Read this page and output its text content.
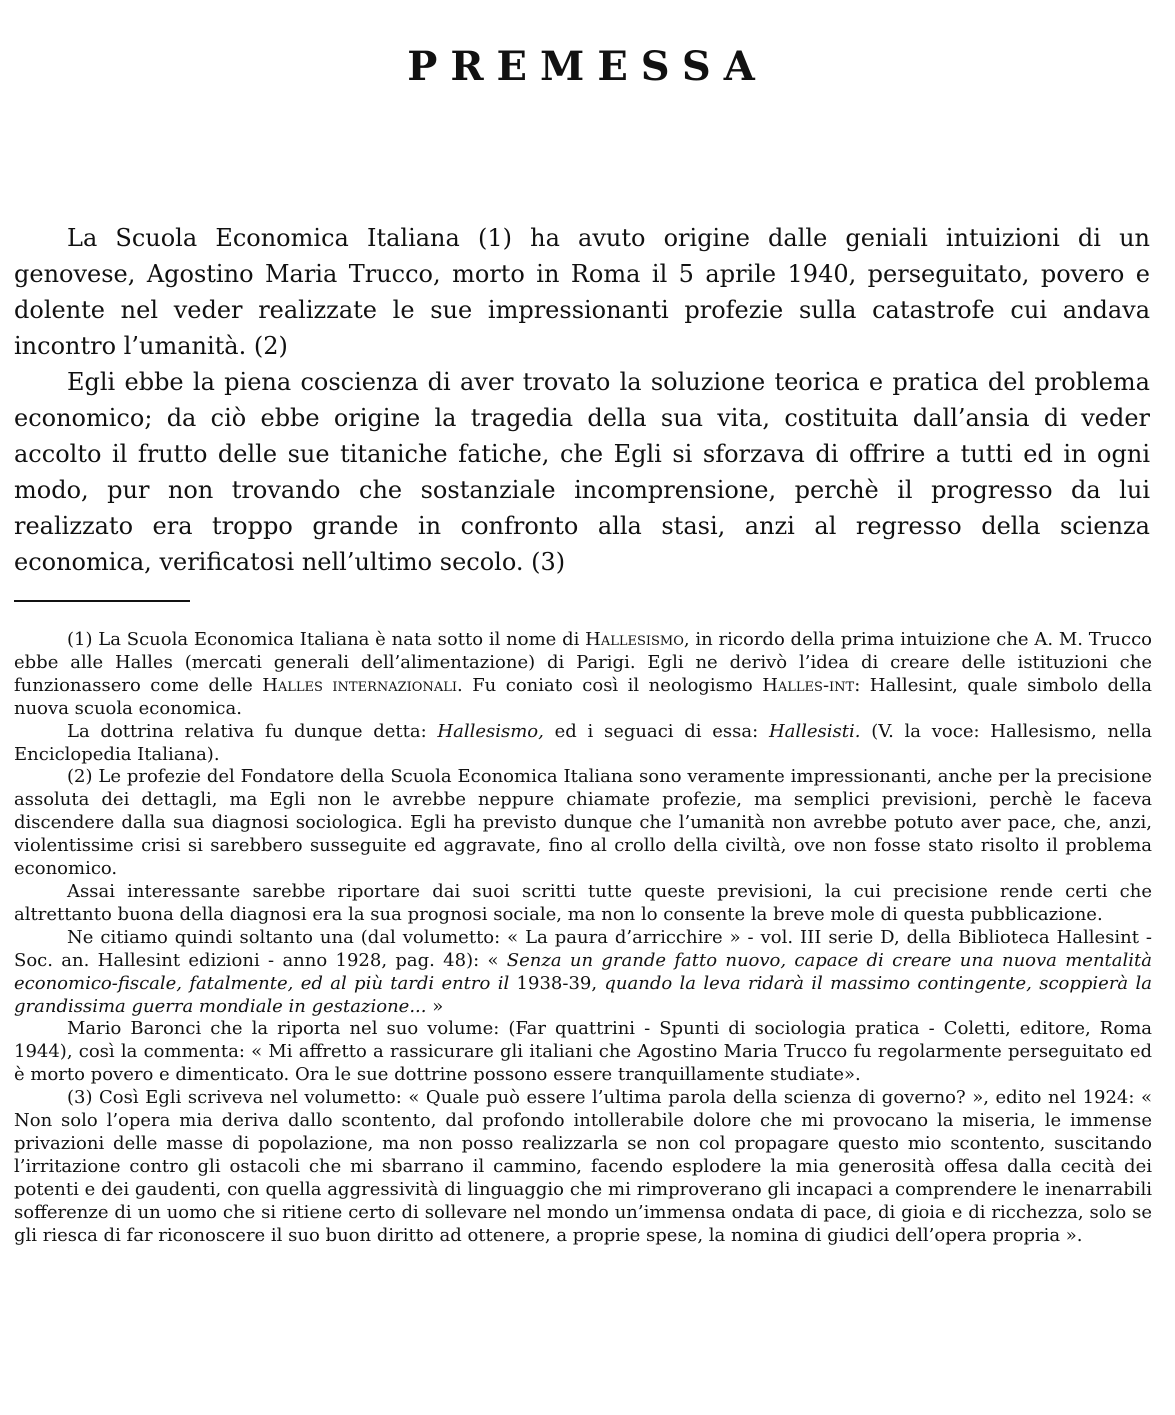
PREMESSA

La Scuola Economica Italiana (1) ha avuto origine dalle geniali intuizioni di un genovese, Agostino Maria Trucco, morto in Roma il 5 aprile 1940, perseguitato, povero e dolente nel veder realizzate le sue impressionanti profezie sulla catastrofe cui andava incontro l’umanità. (2)

Egli ebbe la piena coscienza di aver trovato la soluzione teorica e pratica del problema economico; da ciò ebbe origine la tragedia della sua vita, costituita dall’ansia di veder accolto il frutto delle sue titaniche fatiche, che Egli si sforzava di offrire a tutti ed in ogni modo, pur non trovando che sostanziale incomprensione, perchè il progresso da lui realizzato era troppo grande in confronto alla stasi, anzi al regresso della scienza economica, verificatosi nell’ultimo secolo. (3)

(1) La Scuola Economica Italiana è nata sotto il nome di Hallesismo, in ricordo della prima intuizione che A. M. Trucco ebbe alle Halles (mercati generali dell’alimentazione) di Parigi. Egli ne derivò l’idea di creare delle istituzioni che funzionassero come delle Halles internazionali. Fu coniato così il neologismo Halles-int: Hallesint, quale simbolo della nuova scuola economica.

La dottrina relativa fu dunque detta: Hallesismo, ed i seguaci di essa: Hallesisti. (V. la voce: Hallesismo, nella Enciclopedia Italiana).

(2) Le profezie del Fondatore della Scuola Economica Italiana sono veramente impressionanti, anche per la precisione assoluta dei dettagli, ma Egli non le avrebbe neppure chiamate profezie, ma semplici previsioni, perchè le faceva discendere dalla sua diagnosi sociologica. Egli ha previsto dunque che l’umanità non avrebbe potuto aver pace, che, anzi, violentissime crisi si sarebbero susseguite ed aggravate, fino al crollo della civiltà, ove non fosse stato risolto il problema economico.

Assai interessante sarebbe riportare dai suoi scritti tutte queste previsioni, la cui precisione rende certi che altrettanto buona della diagnosi era la sua prognosi sociale, ma non lo consente la breve mole di questa pubblicazione.

Ne citiamo quindi soltanto una (dal volumetto: « La paura d’arricchire » - vol. III serie D, della Biblioteca Hallesint - Soc. an. Hallesint edizioni - anno 1928, pag. 48): « Senza un grande fatto nuovo, capace di creare una nuova mentalità economico-fiscale, fatalmente, ed al più tardi entro il 1938-39, quando la leva ridarà il massimo contingente, scoppierà la grandissima guerra mondiale in gestazione... »

Mario Baronci che la riporta nel suo volume: (Far quattrini - Spunti di sociologia pratica - Coletti, editore, Roma 1944), così la commenta: « Mi affretto a rassicurare gli italiani che Agostino Maria Trucco fu regolarmente perseguitato ed è morto povero e dimenticato. Ora le sue dottrine possono essere tranquillamente studiate».

(3) Così Egli scriveva nel volumetto: « Quale può essere l’ultima parola della scienza di governo? », edito nel 1924: « Non solo l’opera mia deriva dallo scontento, dal profondo intollerabile dolore che mi provocano la miseria, le immense privazioni delle masse di popolazione, ma non posso realizzarla se non col propagare questo mio scontento, suscitando l’irritazione contro gli ostacoli che mi sbarrano il cammino, facendo esplodere la mia generosità offesa dalla cecità dei potenti e dei gaudenti, con quella aggressività di linguaggio che mi rimproverano gli incapaci a comprendere le inenarrabili sofferenze di un uomo che si ritiene certo di sollevare nel mondo un’immensa ondata di pace, di gioia e di ricchezza, solo se gli riesca di far riconoscere il suo buon diritto ad ottenere, a proprie spese, la nomina di giudici dell’opera propria ».
